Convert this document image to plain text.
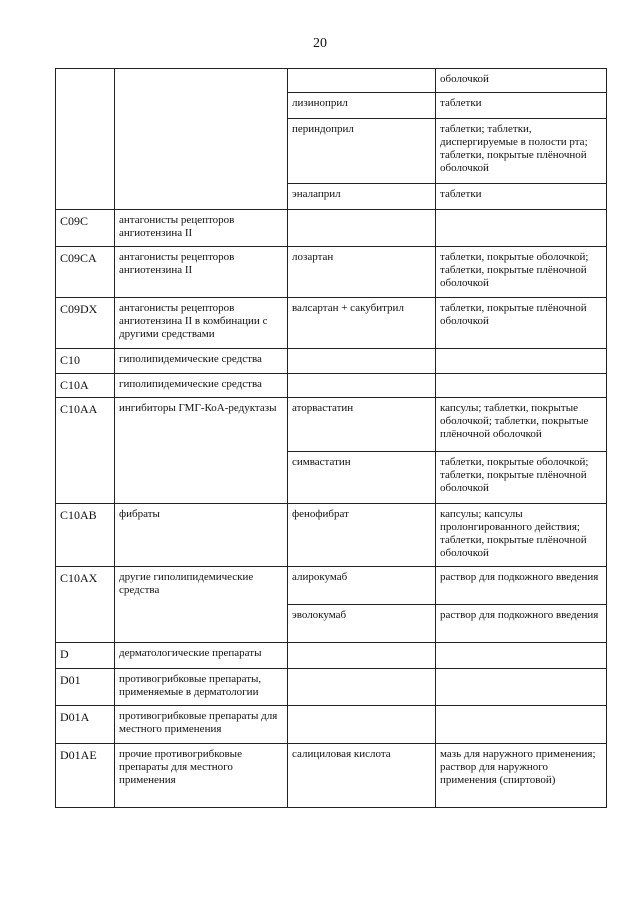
20
			оболочкой
		лизиноприл	таблетки
		периндоприл	таблетки; таблетки, диспергируемые в полости рта; таблетки, покрытые плёночной оболочкой
		эналаприл	таблетки
C09C	антагонисты рецепторов ангиотензина II		
C09CA	антагонисты рецепторов ангиотензина II	лозартан	таблетки, покрытые оболочкой; таблетки, покрытые плёночной оболочкой
C09DX	антагонисты рецепторов ангиотензина II в комбинации с другими средствами	валсартан + сакубитрил	таблетки, покрытые плёночной оболочкой
C10	гиполипидемические средства		
C10A	гиполипидемические средства		
C10AA	ингибиторы ГМГ-КоА-редуктазы	аторвастатин	капсулы; таблетки, покрытые оболочкой; таблетки, покрытые плёночной оболочкой
		симвастатин	таблетки, покрытые оболочкой; таблетки, покрытые плёночной оболочкой
C10AB	фибраты	фенофибрат	капсулы; капсулы пролонгированного действия; таблетки, покрытые плёночной оболочкой
C10AX	другие гиполипидемические средства	алирокумаб	раствор для подкожного введения
		эволокумаб	раствор для подкожного введения
D	дерматологические препараты		
D01	противогрибковые препараты, применяемые в дерматологии		
D01A	противогрибковые препараты для местного применения		
D01AE	прочие противогрибковые препараты для местного применения	салициловая кислота	мазь для наружного применения; раствор для наружного применения (спиртовой)
